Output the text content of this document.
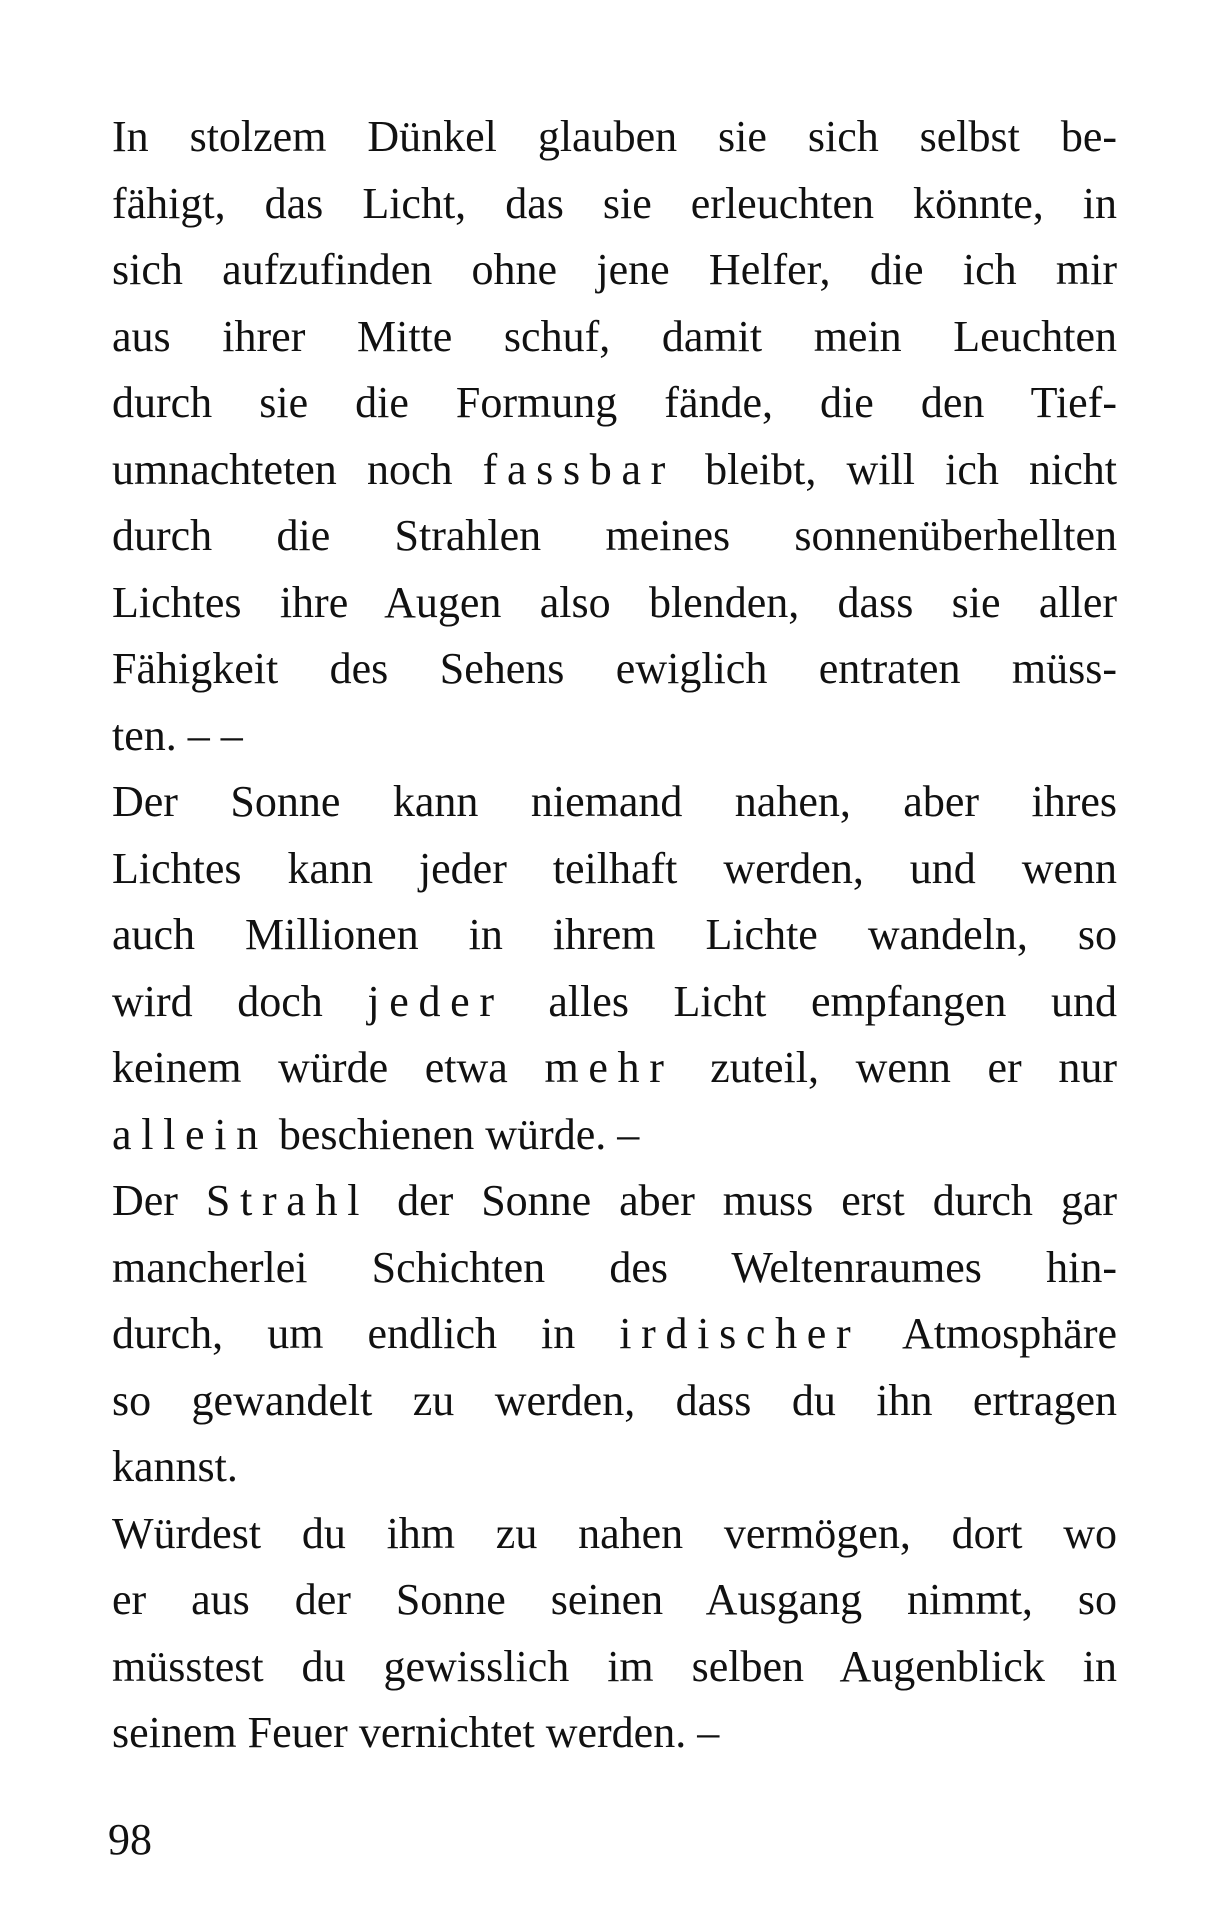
In stolzem Dünkel glauben sie sich selbst be-
fähigt, das Licht, das sie erleuchten könnte, in
sich aufzufinden ohne jene Helfer, die ich mir
aus ihrer Mitte schuf, damit mein Leuchten
durch sie die Formung fände, die den Tief-
umnachteten noch fassbar bleibt, will ich nicht
durch die Strahlen meines sonnenüberhellten
Lichtes ihre Augen also blenden, dass sie aller
Fähigkeit des Sehens ewiglich entraten müss-
ten. – –
Der Sonne kann niemand nahen, aber ihres
Lichtes kann jeder teilhaft werden, und wenn
auch Millionen in ihrem Lichte wandeln, so
wird doch jeder alles Licht empfangen und
keinem würde etwa mehr zuteil, wenn er nur
allein beschienen würde. –
Der Strahl der Sonne aber muss erst durch gar
mancherlei Schichten des Weltenraumes hin-
durch, um endlich in irdischer Atmosphäre
so gewandelt zu werden, dass du ihn ertragen
kannst.
Würdest du ihm zu nahen vermögen, dort wo
er aus der Sonne seinen Ausgang nimmt, so
müsstest du gewisslich im selben Augenblick in
seinem Feuer vernichtet werden. –
98
